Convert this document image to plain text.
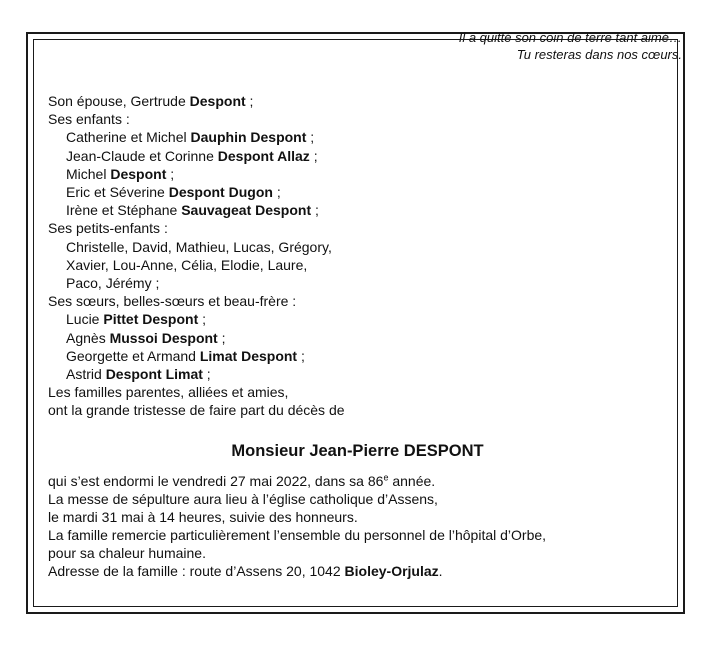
Il a quitté son coin de terre tant aimé…
Tu resteras dans nos cœurs.
Son épouse, Gertrude Despont ;
Ses enfants :
Catherine et Michel Dauphin Despont ;
Jean-Claude et Corinne Despont Allaz ;
Michel Despont ;
Eric et Séverine Despont Dugon ;
Irène et Stéphane Sauvageat Despont ;
Ses petits-enfants :
Christelle, David, Mathieu, Lucas, Grégory,
Xavier, Lou-Anne, Célia, Elodie, Laure,
Paco, Jérémy ;
Ses sœurs, belles-sœurs et beau-frère :
Lucie Pittet Despont ;
Agnès Mussoi Despont ;
Georgette et Armand Limat Despont ;
Astrid Despont Limat ;
Les familles parentes, alliées et amies,
ont la grande tristesse de faire part du décès de
Monsieur Jean-Pierre DESPONT
qui s’est endormi le vendredi 27 mai 2022, dans sa 86e année.
La messe de sépulture aura lieu à l’église catholique d’Assens,
le mardi 31 mai à 14 heures, suivie des honneurs.
La famille remercie particulièrement l’ensemble du personnel de l’hôpital d’Orbe,
pour sa chaleur humaine.
Adresse de la famille : route d’Assens 20, 1042 Bioley-Orjulaz.
